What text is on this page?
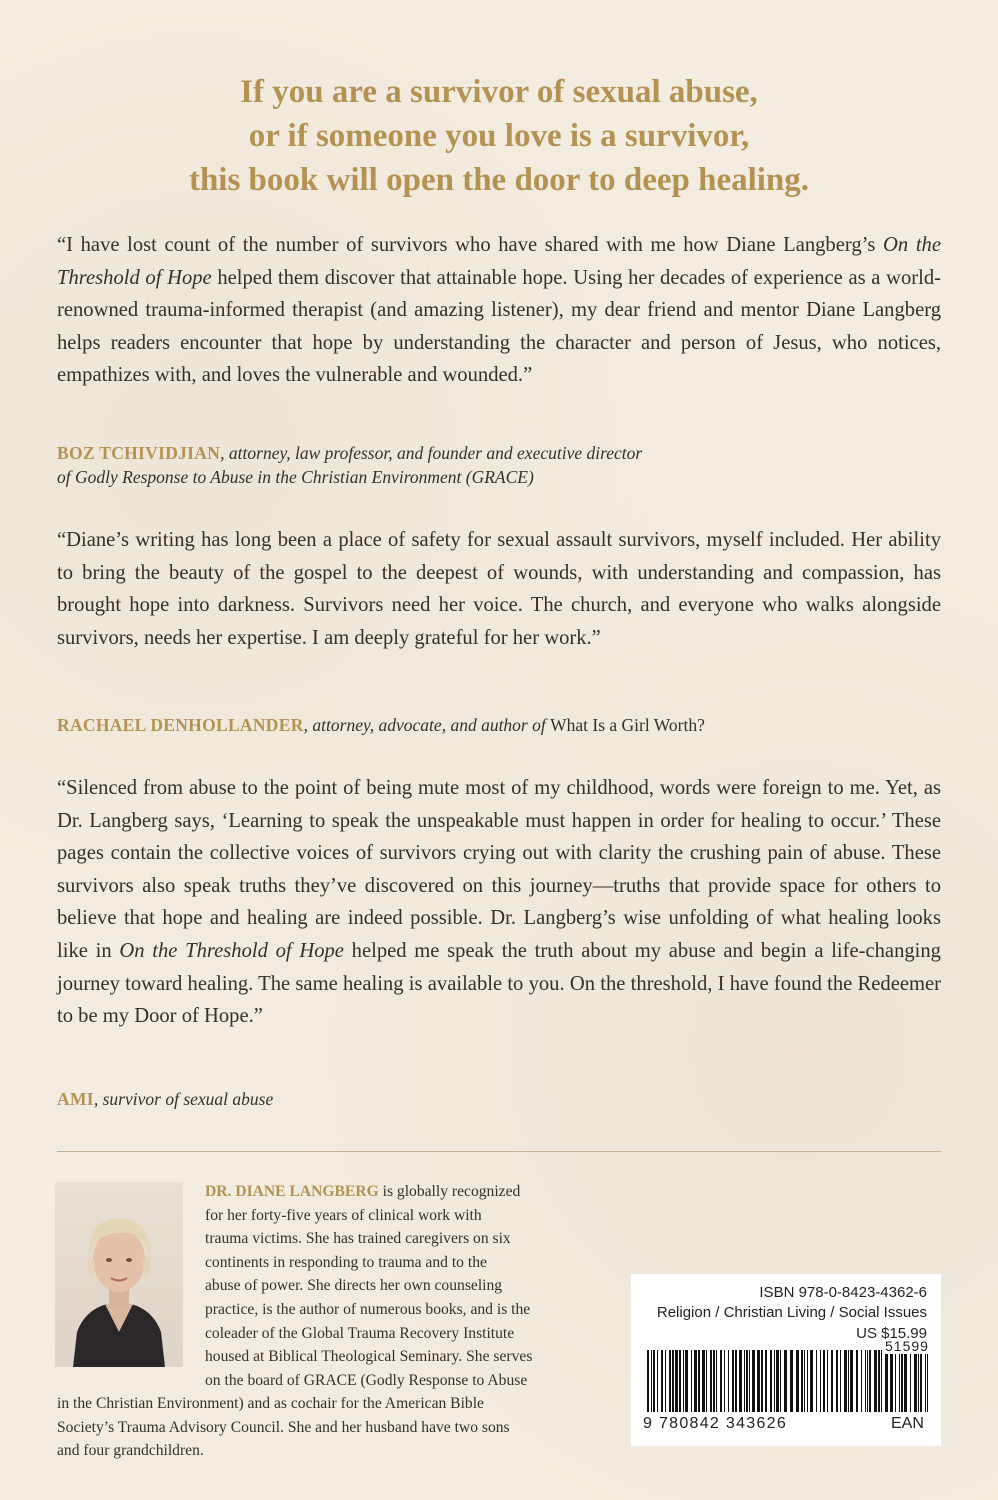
If you are a survivor of sexual abuse,
or if someone you love is a survivor,
this book will open the door to deep healing.
“I have lost count of the number of survivors who have shared with me how Diane Langberg’s On the Threshold of Hope helped them discover that attainable hope. Using her decades of experience as a world-renowned trauma-informed therapist (and amazing listener), my dear friend and mentor Diane Langberg helps readers encounter that hope by understanding the character and person of Jesus, who notices, empathizes with, and loves the vulnerable and wounded.”
BOZ TCHIVIDJIAN, attorney, law professor, and founder and executive director
of Godly Response to Abuse in the Christian Environment (GRACE)
“Diane’s writing has long been a place of safety for sexual assault survivors, myself included. Her ability to bring the beauty of the gospel to the deepest of wounds, with understanding and compassion, has brought hope into darkness. Survivors need her voice. The church, and everyone who walks alongside survivors, needs her expertise. I am deeply grateful for her work.”
RACHAEL DENHOLLANDER, attorney, advocate, and author of What Is a Girl Worth?
“Silenced from abuse to the point of being mute most of my childhood, words were foreign to me. Yet, as Dr. Langberg says, ‘Learning to speak the unspeakable must happen in order for healing to occur.’ These pages contain the collective voices of survivors crying out with clarity the crushing pain of abuse. These survivors also speak truths they’ve discovered on this journey—truths that provide space for others to believe that hope and healing are indeed possible. Dr. Langberg’s wise unfolding of what healing looks like in On the Threshold of Hope helped me speak the truth about my abuse and begin a life-changing journey toward healing. The same healing is available to you. On the threshold, I have found the Redeemer to be my Door of Hope.”
AMI, survivor of sexual abuse
DR. DIANE LANGBERG is globally recognized
for her forty-five years of clinical work with
trauma victims. She has trained caregivers on six
continents in responding to trauma and to the
abuse of power. She directs her own counseling
practice, is the author of numerous books, and is the
coleader of the Global Trauma Recovery Institute
housed at Biblical Theological Seminary. She serves
on the board of GRACE (Godly Response to Abuse
in the Christian Environment) and as cochair for the American Bible
Society’s Trauma Advisory Council. She and her husband have two sons
and four grandchildren.
ISBN 978-0-8423-4362-6
Religion / Christian Living / Social Issues
US $15.99
51599
9 780842 343626	EAN
